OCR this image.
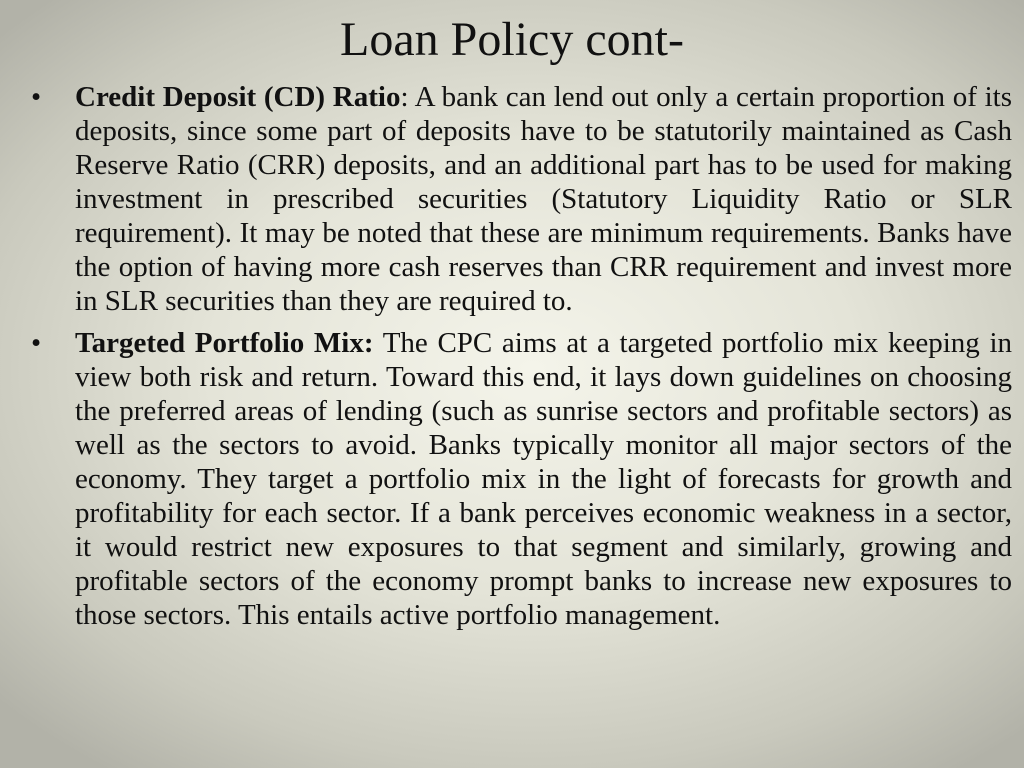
Loan Policy cont-
• Credit Deposit (CD) Ratio: A bank can lend out only a certain proportion of its deposits, since some part of deposits have to be statutorily maintained as Cash Reserve Ratio (CRR) deposits, and an additional part has to be used for making investment in prescribed securities (Statutory Liquidity Ratio or SLR requirement). It may be noted that these are minimum requirements. Banks have the option of having more cash reserves than CRR requirement and invest more in SLR securities than they are required to.
• Targeted Portfolio Mix: The CPC aims at a targeted portfolio mix keeping in view both risk and return. Toward this end, it lays down guidelines on choosing the preferred areas of lending (such as sunrise sectors and profitable sectors) as well as the sectors to avoid. Banks typically monitor all major sectors of the economy. They target a portfolio mix in the light of forecasts for growth and profitability for each sector. If a bank perceives economic weakness in a sector, it would restrict new exposures to that segment and similarly, growing and profitable sectors of the economy prompt banks to increase new exposures to those sectors. This entails active portfolio management.
